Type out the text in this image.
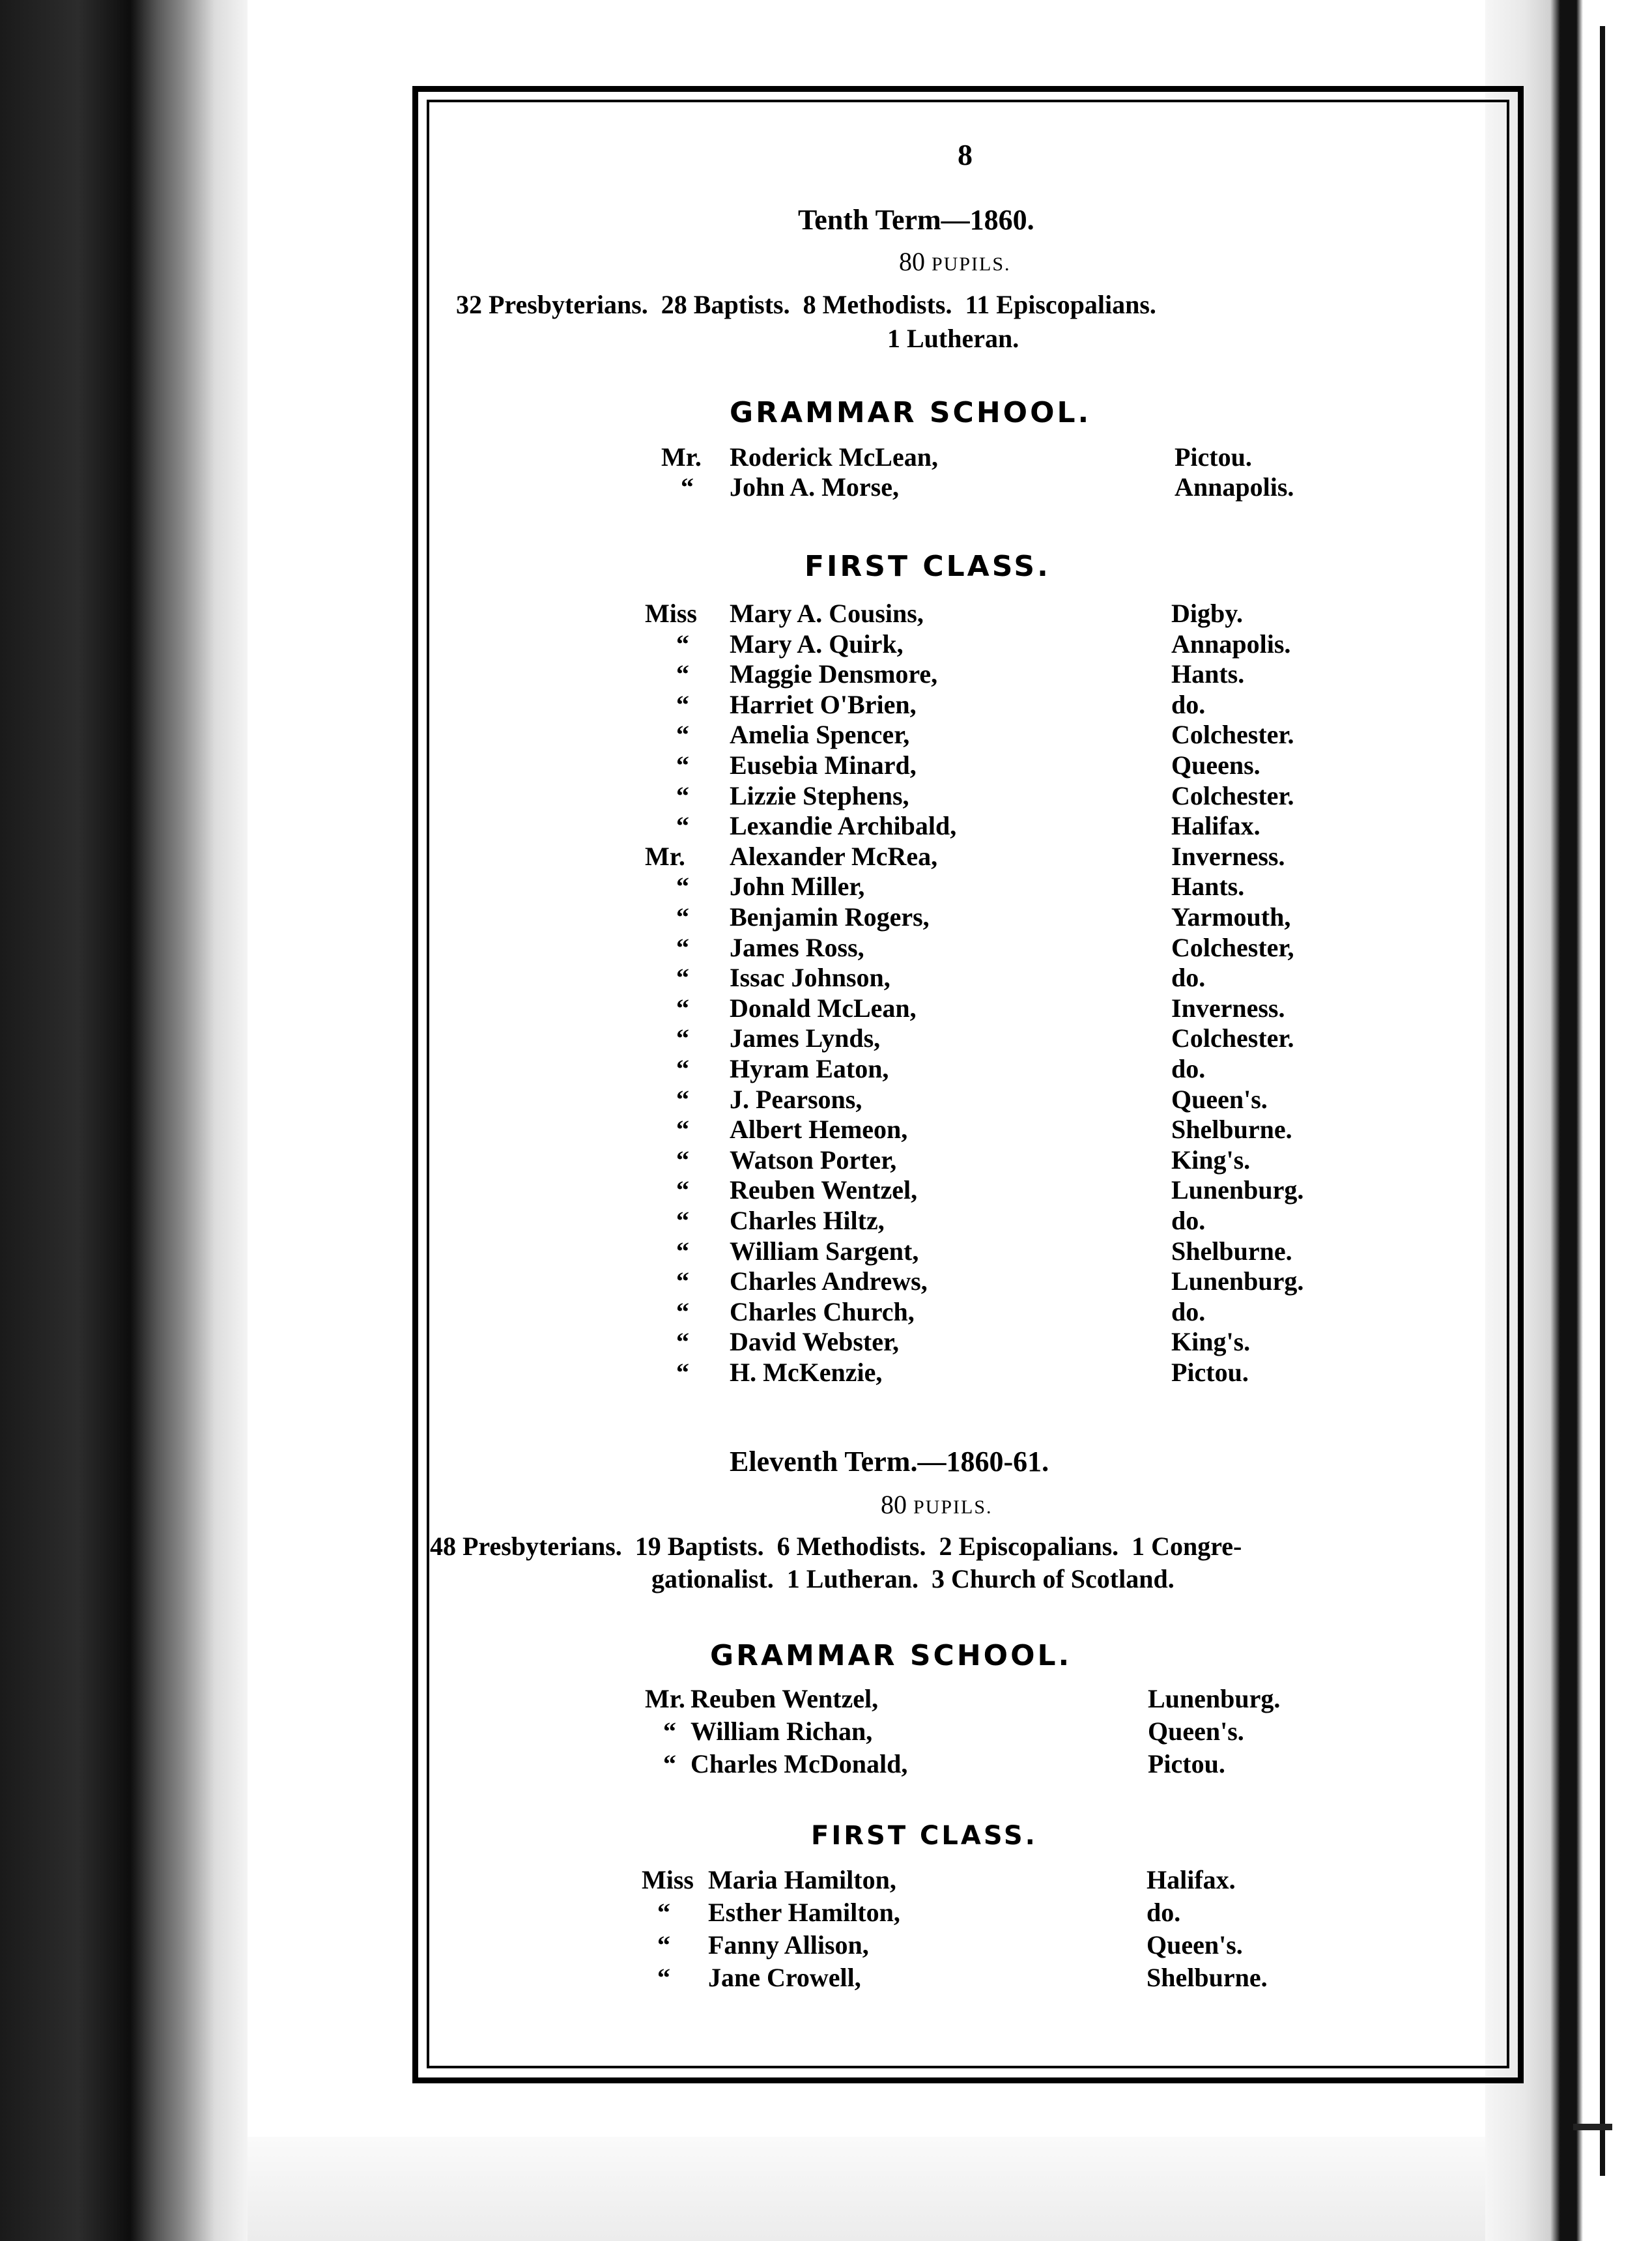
8
Tenth Term—1860.
80 PUPILS.
32 Presbyterians.  28 Baptists.  8 Methodists.  11 Episcopalians.
1 Lutheran.
GRAMMAR SCHOOL.
Mr. Roderick McLean,	Pictou.
“ John A. Morse,	Annapolis.
FIRST CLASS.
Miss Mary A. Cousins,	Digby.
“ Mary A. Quirk,	Annapolis.
“ Maggie Densmore,	Hants.
“ Harriet O'Brien,	do.
“ Amelia Spencer,	Colchester.
“ Eusebia Minard,	Queens.
“ Lizzie Stephens,	Colchester.
“ Lexandie Archibald,	Halifax.
Mr. Alexander McRea,	Inverness.
“ John Miller,	Hants.
“ Benjamin Rogers,	Yarmouth,
“ James Ross,	Colchester,
“ Issac Johnson,	do.
“ Donald McLean,	Inverness.
“ James Lynds,	Colchester.
“ Hyram Eaton,	do.
“ J. Pearsons,	Queen's.
“ Albert Hemeon,	Shelburne.
“ Watson Porter,	King's.
“ Reuben Wentzel,	Lunenburg.
“ Charles Hiltz,	do.
“ William Sargent,	Shelburne.
“ Charles Andrews,	Lunenburg.
“ Charles Church,	do.
“ David Webster,	King's.
“ H. McKenzie,	Pictou.
Eleventh Term.—1860-61.
80 PUPILS.
48 Presbyterians.  19 Baptists.  6 Methodists.  2 Episcopalians.  1 Congre-
gationalist.  1 Lutheran.  3 Church of Scotland.
GRAMMAR SCHOOL.
Mr. Reuben Wentzel,	Lunenburg.
“ William Richan,	Queen's.
“ Charles McDonald,	Pictou.
FIRST CLASS.
Miss Maria Hamilton,	Halifax.
“ Esther Hamilton,	do.
“ Fanny Allison,	Queen's.
“ Jane Crowell,	Shelburne.
